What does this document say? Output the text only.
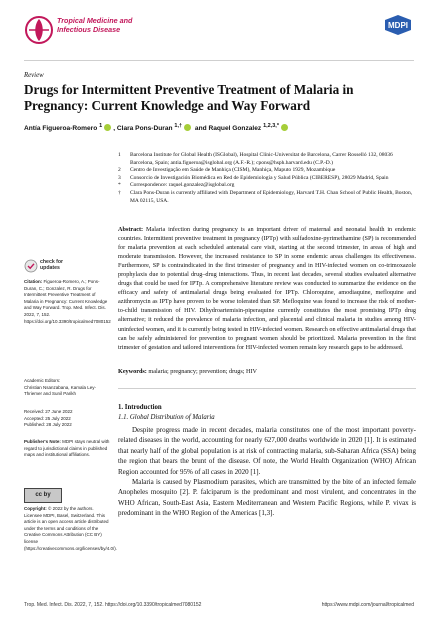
Tropical Medicine and
Infectious Disease	MDPI
Review
Drugs for Intermittent Preventive Treatment of Malaria in Pregnancy: Current Knowledge and Way Forward
Antía Figueroa-Romero $^1$ , Clara Pons-Duran $^{1,\dagger}$ and Raquel Gonzalez $^{1,2,3,*}$
1	Barcelona Institute for Global Health (ISGlobal), Hospital Clínic-Universitat de Barcelona, Carrer Rosselló 132, 08036 Barcelona, Spain; antia.figueroa@isglobal.org (A.F.-R.); cpons@hsph.harvard.edu (C.P.-D.)
2	Centro de Investigação em Saúde de Manhiça (CISM), Manhiça, Maputo 1929, Mozambique
3	Consorcio de Investigación Biomédica en Red de Epidemiología y Salud Pública (CIBERESP), 28029 Madrid, Spain
*	Correspondence: raquel.gonzalez@isglobal.org
†	Clara Pons-Duran is currently affiliated with Department of Epidemiology, Harvard T.H. Chan School of Public Health, Boston, MA 02115, USA.
Abstract: Malaria infection during pregnancy is an important driver of maternal and neonatal health in endemic countries. Intermittent preventive treatment in pregnancy (IPTp) with sulfadoxine-pyrimethamine (SP) is recommended for malaria prevention at each scheduled antenatal care visit, starting at the second trimester, in areas of high and moderate transmission. However, the increased resistance to SP in some endemic areas challenges its effectiveness. Furthermore, SP is contraindicated in the first trimester of pregnancy and in HIV-infected women on co-trimoxazole prophylaxis due to potential drug–drug interactions. Thus, in recent last decades, several studies evaluated alternative drugs that could be used for IPTp. A comprehensive literature review was conducted to summarize the evidence on the efficacy and safety of antimalarial drugs being evaluated for IPTp. Chloroquine, amodiaquine, mefloquine and azithromycin as IPTp have proven to be worse tolerated than SP. Mefloquine was found to increase the risk of mother-to-child transmission of HIV. Dihydroartemisin-piperaquine currently constitutes the most promising IPTp drug alternative; it reduced the prevalence of malaria infection, and placental and clinical malaria in studies among HIV-uninfected women, and it is currently being tested in HIV-infected women. Research on effective antimalarial drugs that can be safely administered for prevention to pregnant women should be prioritized. Malaria prevention in the first trimester of gestation and tailored interventions for HIV-infected women remain key research gaps to be addressed.
Keywords: malaria; pregnancy; prevention; drugs; HIV
1. Introduction
1.1. Global Distribution of Malaria

Despite progress made in recent decades, malaria constitutes one of the most important poverty-related diseases in the world, accounting for nearly 627,000 deaths worldwide in 2020 [1]. It is estimated that nearly half of the global population is at risk of contracting malaria, sub-Saharan Africa (SSA) being the region that bears the brunt of the disease. Of note, the World Health Organization (WHO) African Region accounted for 95% of all cases in 2020 [1].

Malaria is caused by Plasmodium parasites, which are transmitted by the bite of an infected female Anopheles mosquito [2]. P. falciparum is the predominant and most virulent, and concentrates in the WHO African, South-East Asia, Eastern Mediterranean and Western Pacific Regions, while P. vivax is predominant in the WHO Region of the Americas [1,3].

check for
updates
Citation: Figueroa-Romero, A.; Pons-Duran, C.; Gonzalez, R. Drugs for Intermittent Preventive Treatment of Malaria in Pregnancy: Current Knowledge and Way Forward. Trop. Med. Infect. Dis. 2022, 7, 152. https://doi.org/10.3390/tropicalmed7080152
Academic Editors:
Christian Nsanzabana, Kamala Ley-Thriemer and Sunil Parikh
Received: 27 June 2022
Accepted: 25 July 2022
Published: 28 July 2022
Publisher's Note: MDPI stays neutral with regard to jurisdictional claims in published maps and institutional affiliations.
cc by
Copyright: © 2022 by the authors. Licensee MDPI, Basel, Switzerland. This article is an open access article distributed under the terms and conditions of the Creative Commons Attribution (CC BY) license (https://creativecommons.org/licenses/by/4.0/).
Trop. Med. Infect. Dis. 2022, 7, 152. https://doi.org/10.3390/tropicalmed7080152	https://www.mdpi.com/journal/tropicalmed
